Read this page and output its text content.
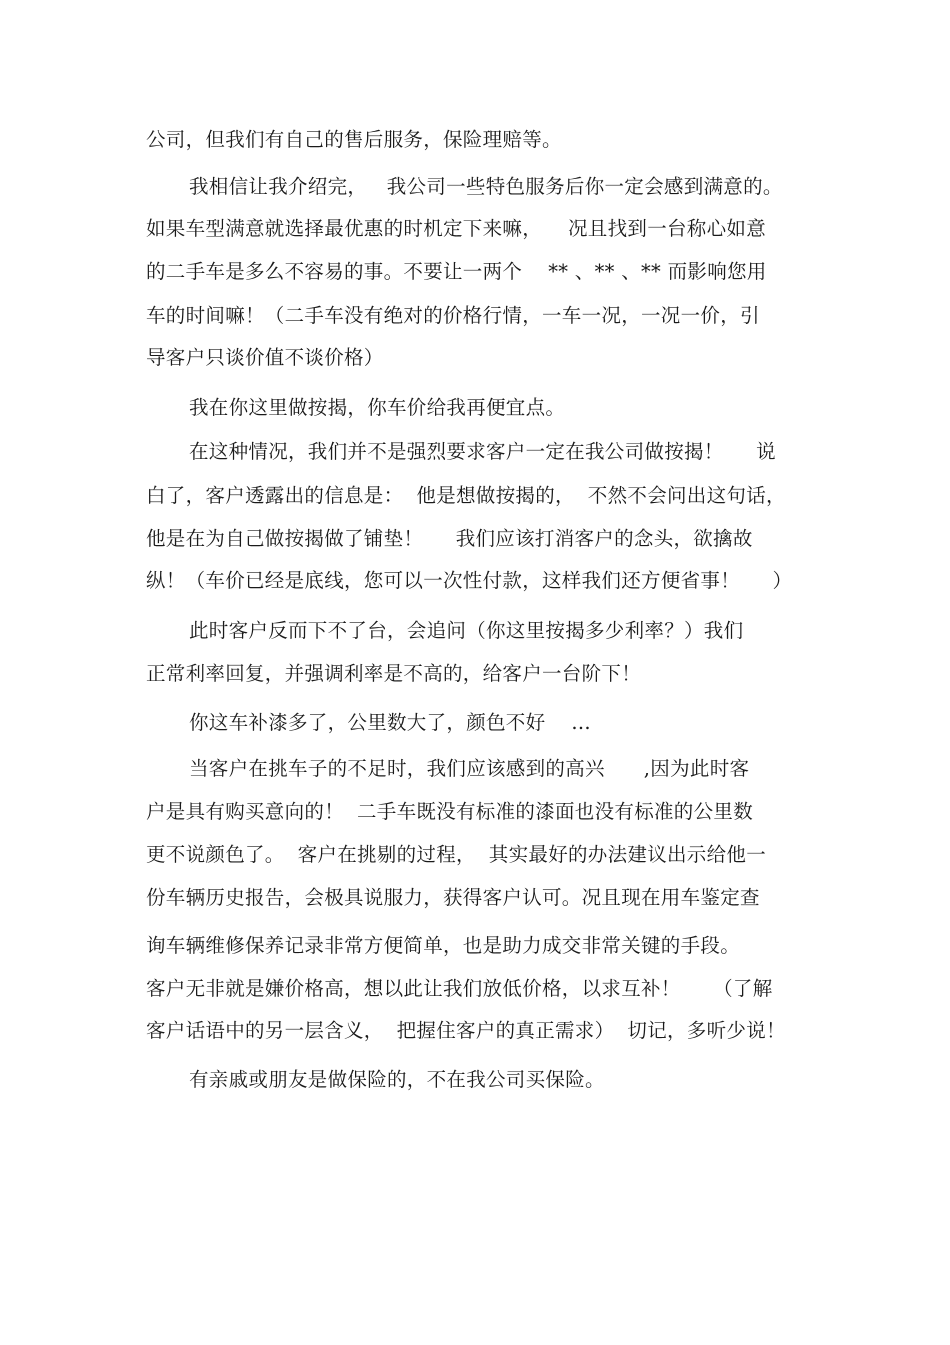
公司，但我们有自己的售后服务，保险理赔等。
我相信让我介绍完，   我公司一些特色服务后你一定会感到满意的。
如果车型满意就选择最优惠的时机定下来嘛，    况且找到一台称心如意
的二手车是多么不容易的事。不要让一两个    ** 、** 、** 而影响您用
车的时间嘛！（二手车没有绝对的价格行情，一车一况，一况一价，引
导客户只谈价值不谈价格）
我在你这里做按揭，你车价给我再便宜点。
在这种情况，我们并不是强烈要求客户一定在我公司做按揭！     说
白了，客户透露出的信息是：  他是想做按揭的，  不然不会问出这句话，
他是在为自己做按揭做了铺垫！     我们应该打消客户的念头，欲擒故
纵！（车价已经是底线，您可以一次性付款，这样我们还方便省事！     ）
此时客户反而下不了台，会追问（你这里按揭多少利率？）我们
正常利率回复，并强调利率是不高的，给客户一台阶下！
你这车补漆多了，公里数大了，颜色不好    ...
当客户在挑车子的不足时，我们应该感到的高兴      ,因为此时客
户是具有购买意向的！  二手车既没有标准的漆面也没有标准的公里数
更不说颜色了。  客户在挑剔的过程，  其实最好的办法建议出示给他一
份车辆历史报告，会极具说服力，获得客户认可。况且现在用车鉴定查
询车辆维修保养记录非常方便简单，也是助力成交非常关键的手段。
客户无非就是嫌价格高，想以此让我们放低价格，以求互补！     （了解
客户话语中的另一层含义，  把握住客户的真正需求）  切记，多听少说！
有亲戚或朋友是做保险的，不在我公司买保险。
